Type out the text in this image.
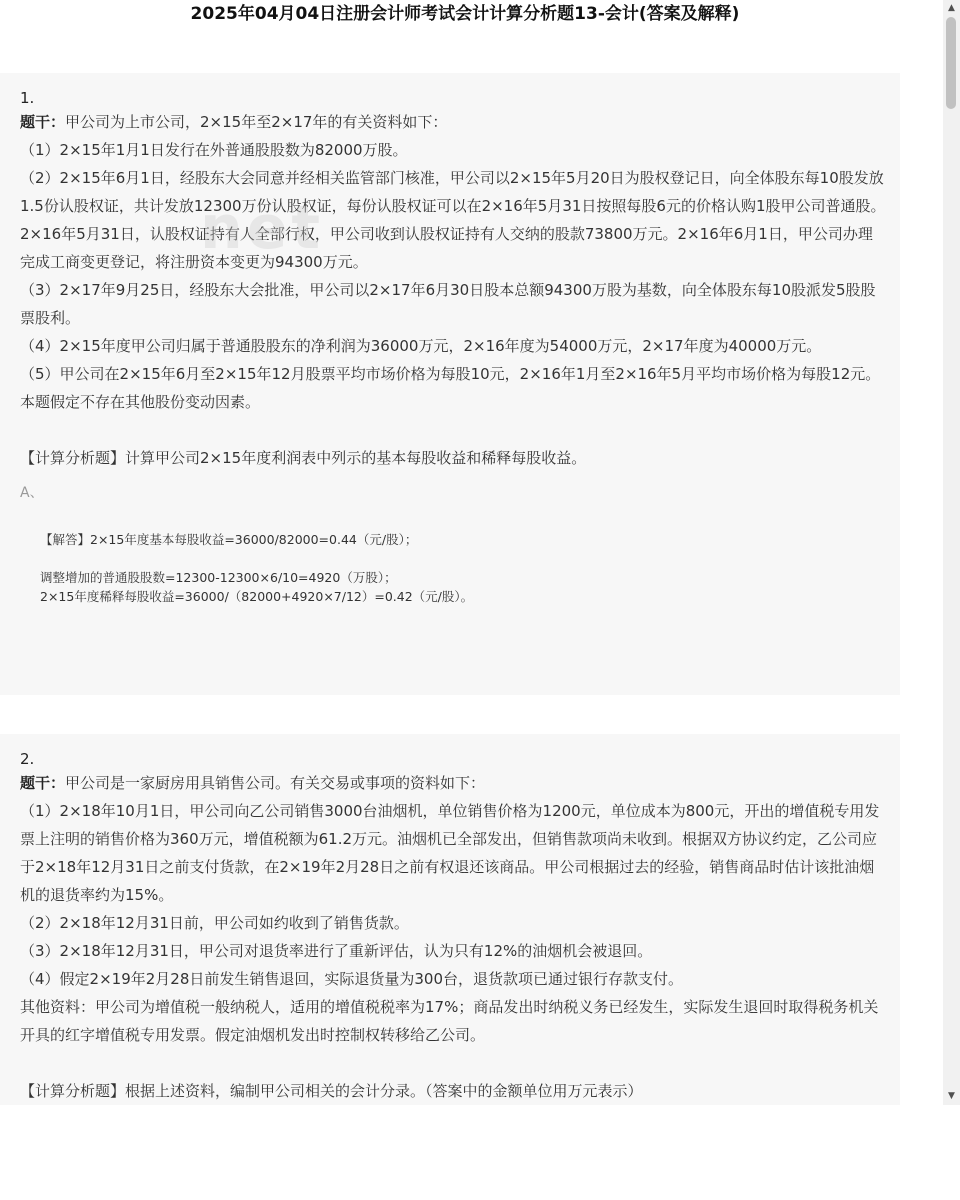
2025年04月04日注册会计师考试会计计算分析题13-会计(答案及解释)
net
1.

题干：甲公司为上市公司，2×15年至2×17年的有关资料如下：

（1）2×15年1月1日发行在外普通股股数为82000万股。

（2）2×15年6月1日，经股东大会同意并经相关监管部门核准，甲公司以2×15年5月20日为股权登记日，向全体股东每10股发放1.5份认股权证，共计发放12300万份认股权证，每份认股权证可以在2×16年5月31日按照每股6元的价格认购1股甲公司普通股。

2×16年5月31日，认股权证持有人全部行权，甲公司收到认股权证持有人交纳的股款73800万元。2×16年6月1日，甲公司办理完成工商变更登记，将注册资本变更为94300万元。

（3）2×17年9月25日，经股东大会批准，甲公司以2×17年6月30日股本总额94300万股为基数，向全体股东每10股派发5股股票股利。

（4）2×15年度甲公司归属于普通股股东的净利润为36000万元，2×16年度为54000万元，2×17年度为40000万元。

（5）甲公司在2×15年6月至2×15年12月股票平均市场价格为每股10元，2×16年1月至2×16年5月平均市场价格为每股12元。

本题假定不存在其他股份变动因素。

【计算分析题】计算甲公司2×15年度利润表中列示的基本每股收益和稀释每股收益。
A、
【解答】2×15年度基本每股收益=36000/82000=0.44（元/股）；
调整增加的普通股股数=12300-12300×6/10=4920（万股）；
2×15年度稀释每股收益=36000/（82000+4920×7/12）=0.42（元/股）。
2.

题干：甲公司是一家厨房用具销售公司。有关交易或事项的资料如下：

（1）2×18年10月1日，甲公司向乙公司销售3000台油烟机，单位销售价格为1200元，单位成本为800元，开出的增值税专用发票上注明的销售价格为360万元，增值税额为61.2万元。油烟机已全部发出，但销售款项尚未收到。根据双方协议约定，乙公司应于2×18年12月31日之前支付货款，在2×19年2月28日之前有权退还该商品。甲公司根据过去的经验，销售商品时估计该批油烟机的退货率约为15%。

（2）2×18年12月31日前，甲公司如约收到了销售货款。

（3）2×18年12月31日，甲公司对退货率进行了重新评估，认为只有12%的油烟机会被退回。

（4）假定2×19年2月28日前发生销售退回，实际退货量为300台，退货款项已通过银行存款支付。

其他资料：甲公司为增值税一般纳税人，适用的增值税税率为17%；商品发出时纳税义务已经发生，实际发生退回时取得税务机关开具的红字增值税专用发票。假定油烟机发出时控制权转移给乙公司。

【计算分析题】根据上述资料，编制甲公司相关的会计分录。（答案中的金额单位用万元表示）
▲
▼
